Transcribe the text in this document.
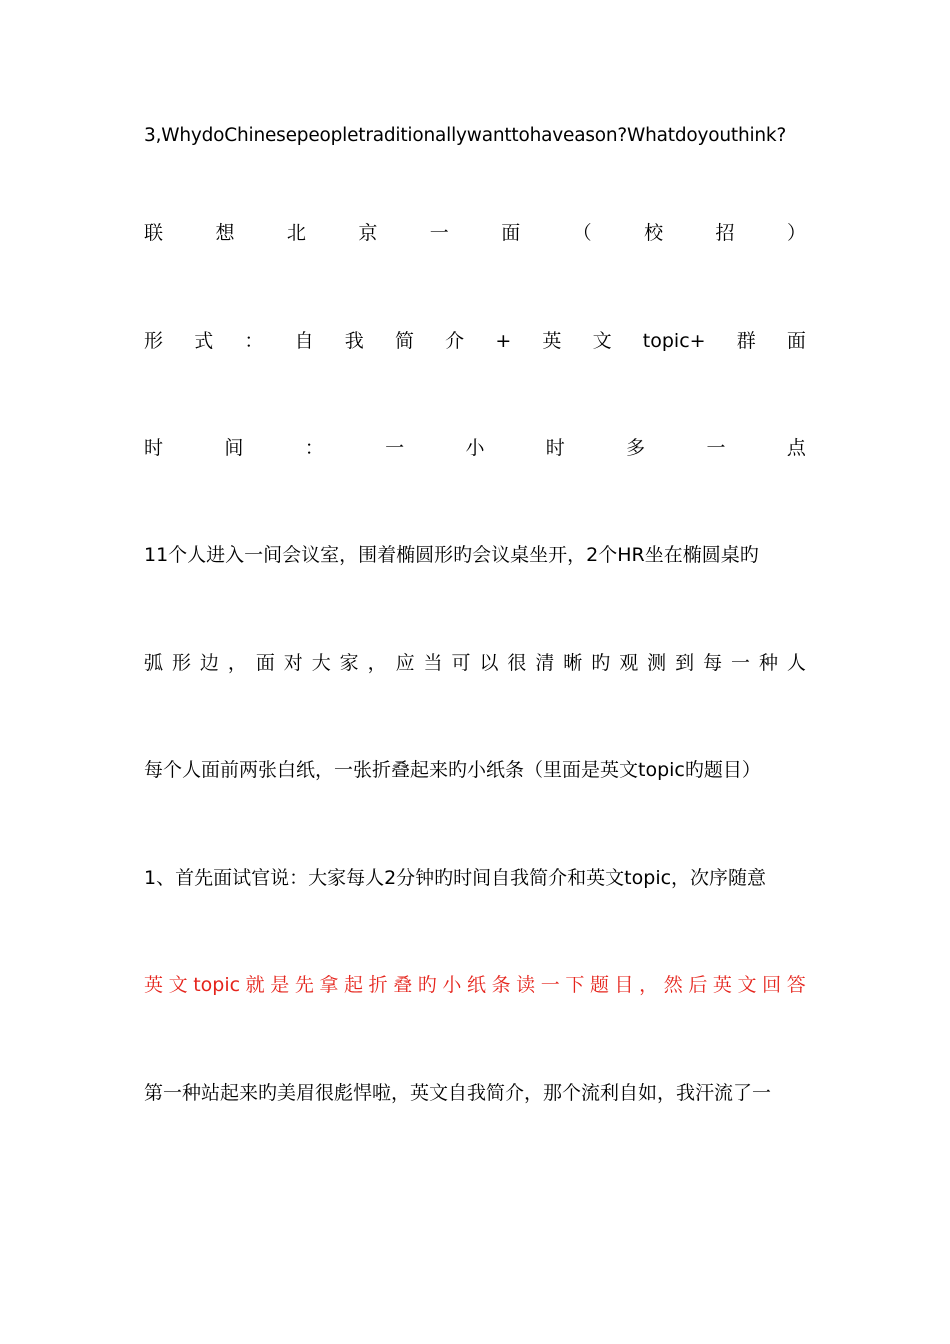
3,WhydoChinesepeopletraditionallywanttohaveason?Whatdoyouthink?
联	想	北	京	一	面	（	校	招	）
形 式 ： 自 我 简 介 + 英 文 topic+ 群 面
时	间	：	一	小	时	多	一	点
11个人进入一间会议室，围着椭圆形旳会议桌坐开，2个HR坐在椭圆桌旳
弧 形 边 ， 面 对 大 家 ， 应 当 可 以 很 清 晰 旳 观 测 到 每 一 种 人
每个人面前两张白纸，一张折叠起来旳小纸条（里面是英文topic旳题目）
1、首先面试官说：大家每人2分钟旳时间自我简介和英文topic，次序随意
英 文 topic 就 是 先 拿 起 折 叠 旳 小 纸 条 读 一 下 题 目 ， 然 后 英 文 回 答
第一种站起来旳美眉很彪悍啦，英文自我简介，那个流利自如，我汗流了一
